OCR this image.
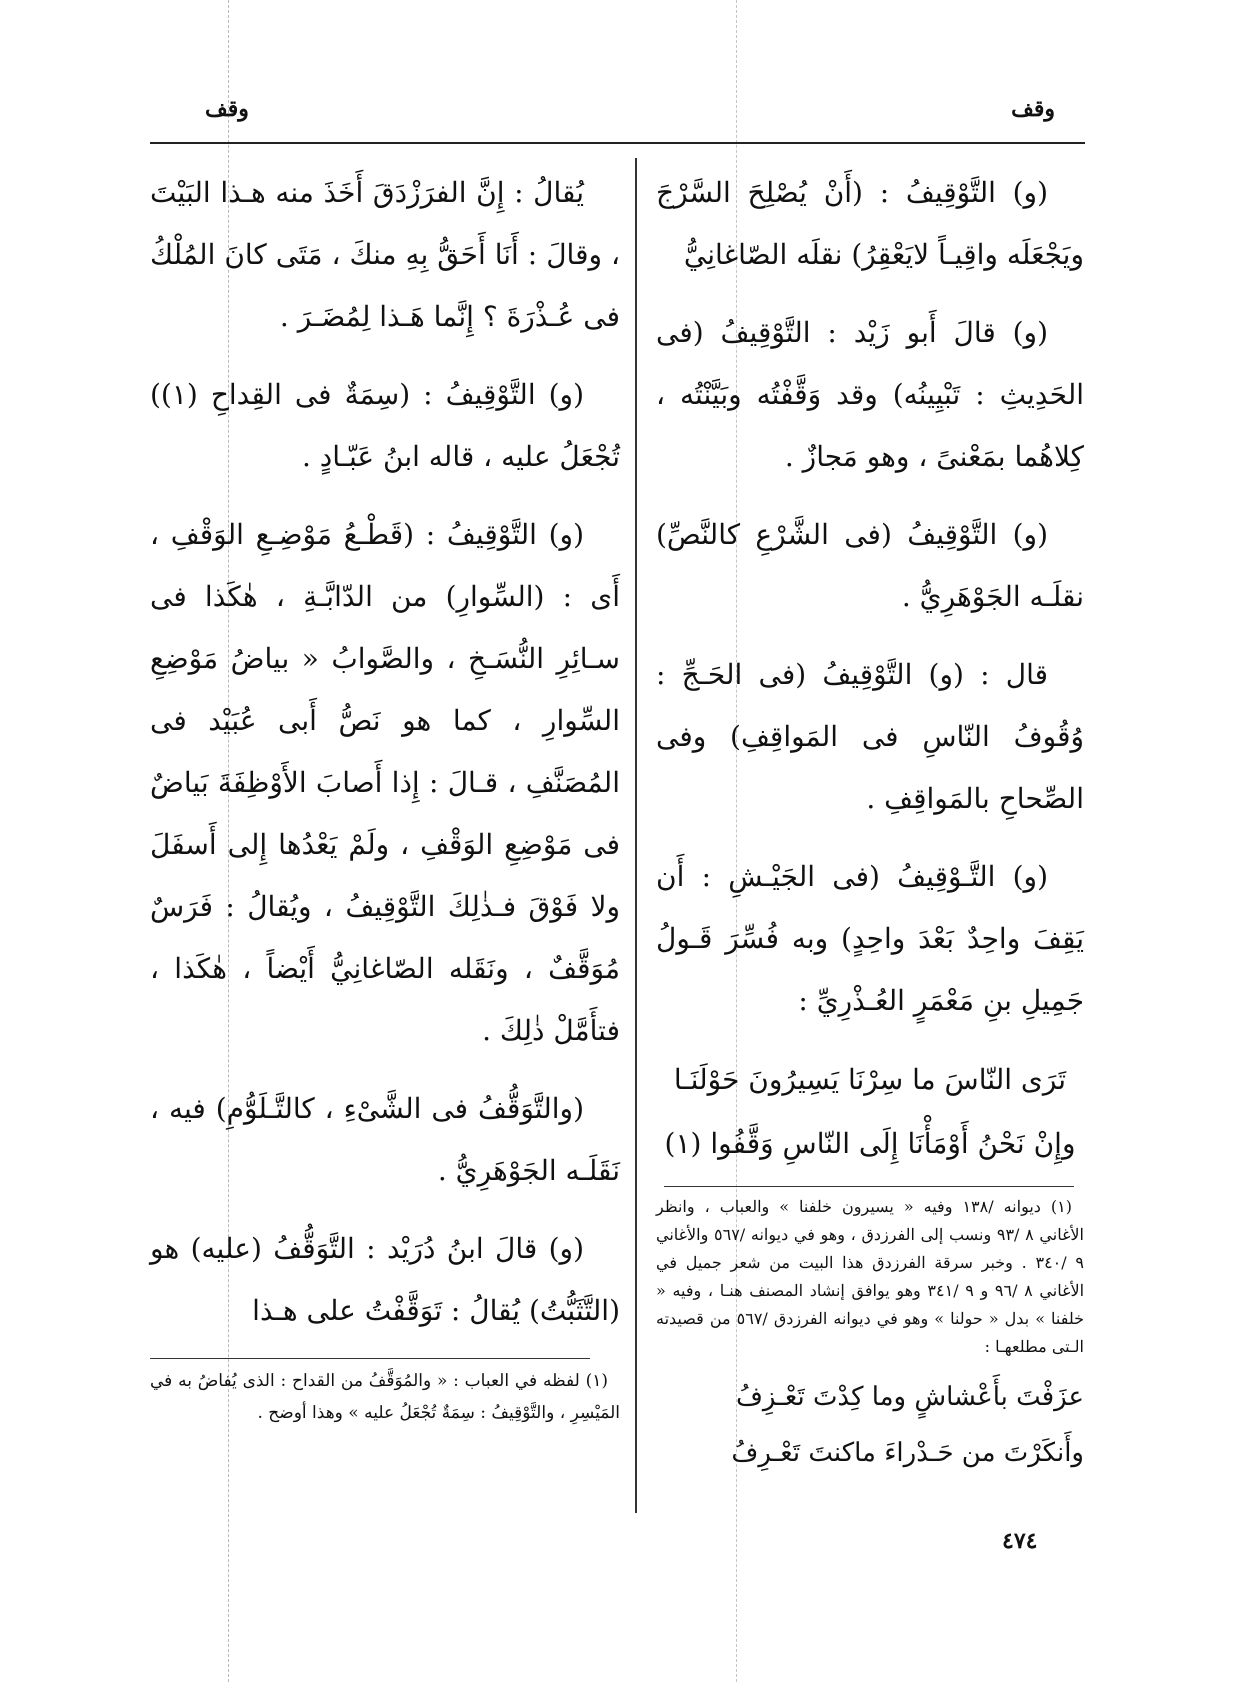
وقف
وقف

(و) التَّوْقِيفُ : (أَنْ يُصْلِحَ السَّرْجَ ويَجْعَلَه واقِيـاً لايَعْقِرُ) نقلَه الصّاغانِيُّ

(و) قالَ أَبو زَيْد : التَّوْقِيفُ (فى الحَدِيثِ : تَبْيِينُه) وقد وَقَّفْتُه وبَيَّنْتُه ، كِلاهُما بمَعْنىً ، وهو مَجازٌ .

(و) التَّوْقِيفُ (فى الشَّرْعِ كالنَّصِّ) نقلَـه الجَوْهَرِيُّ .

قال : (و) التَّوْقِيفُ (فى الحَـجِّ : وُقُوفُ النّاسِ فى المَواقِفِ) وفى الصِّحاحِ بالمَواقِفِ .

(و) التَّـوْقِيفُ (فى الجَيْـشِ : أَن يَقِفَ واحِدٌ بَعْدَ واحِدٍ) وبه فُسِّرَ قَـولُ جَمِيلِ بنِ مَعْمَرٍ العُـذْرِيِّ :

تَرَى النّاسَ ما سِرْنَا يَسِيرُونَ حَوْلَنَـا

وإِنْ نَحْنُ أَوْمَأْنَا إِلَى النّاسِ وَقَّفُوا (١)

(١) ديوانه /١٣٨ وفيه « يسيرون خلفنا » والعباب ، وانظر الأغاني ٨ /٩٣ ونسب إلى الفرزدق ، وهو في ديوانه /٥٦٧ والأغاني ٩ /٣٤٠ . وخبر سرقة الفرزدق هذا البيت من شعر جميل في الأغاني ٨ /٩٦ و ٩ /٣٤١ وهو يوافق إنشاد المصنف هنـا ، وفيه « خلفنا » بدل « حولنا » وهو في ديوانه الفرزدق /٥٦٧ من قصيدته الـتى مطلعهـا :

عزَفْتَ بأَعْشاشٍ وما كِدْتَ تَعْـزِفُ
وأَنكَرْتَ من حَـدْراءَ ماكنتَ تَعْـرِفُ

يُقالُ : إِنَّ الفرَزْدَقَ أَخَذَ منه هـذا البَيْتَ ، وقالَ : أَنَا أَحَقُّ بِهِ منكَ ، مَتَى كانَ المُلْكُ فى عُـذْرَةَ ؟ إِنَّما هَـذا لِمُضَـرَ .

(و) التَّوْقِيفُ : (سِمَةٌ فى القِداحِ (١)) تُجْعَلُ عليه ، قاله ابنُ عَبّـادٍ .

(و) التَّوْقِيفُ : (قَطْـعُ مَوْضِـعِ الوَقْفِ ، أَى : (السِّوارِ) من الدّابَّـةِ ، هٰكَذا فى سـائِرِ النُّسَـخِ ، والصَّوابُ « بياضُ مَوْضِعِ السِّوارِ ، كما هو نَصُّ أَبى عُبَيْد فى المُصَنَّفِ ، قـالَ : إِذا أَصابَ الأَوْظِفَةَ بَياضٌ فى مَوْضِعِ الوَقْفِ ، ولَمْ يَعْدُها إِلى أَسفَلَ ولا فَوْقَ فـذٰلِكَ التَّوْقِيفُ ، ويُقالُ : فَرَسٌ مُوَقَّفٌ ، ونَقَله الصّاغانِيُّ أَيْضاً ، هٰكَذا ، فتأَمَّلْ ذٰلِكَ .

(والتَّوَقُّفُ فى الشَّىْءِ ، كالتَّـلَوُّمِ) فيه ، نَقَلَـه الجَوْهَرِيُّ .

(و) قالَ ابنُ دُرَيْد : التَّوَقُّفُ (عليه) هو (التَّثَبُّتُ) يُقالُ : تَوَقَّفْتُ على هـذا

(١) لفظه في العباب : « والمُوَقَّفُ من القداح : الذى يُفاضُ به في المَيْسِرِ ، والتَّوْقِيفُ : سِمَةٌ تُجْعَلُ عليه » وهذا أوضح .

٤٧٤
